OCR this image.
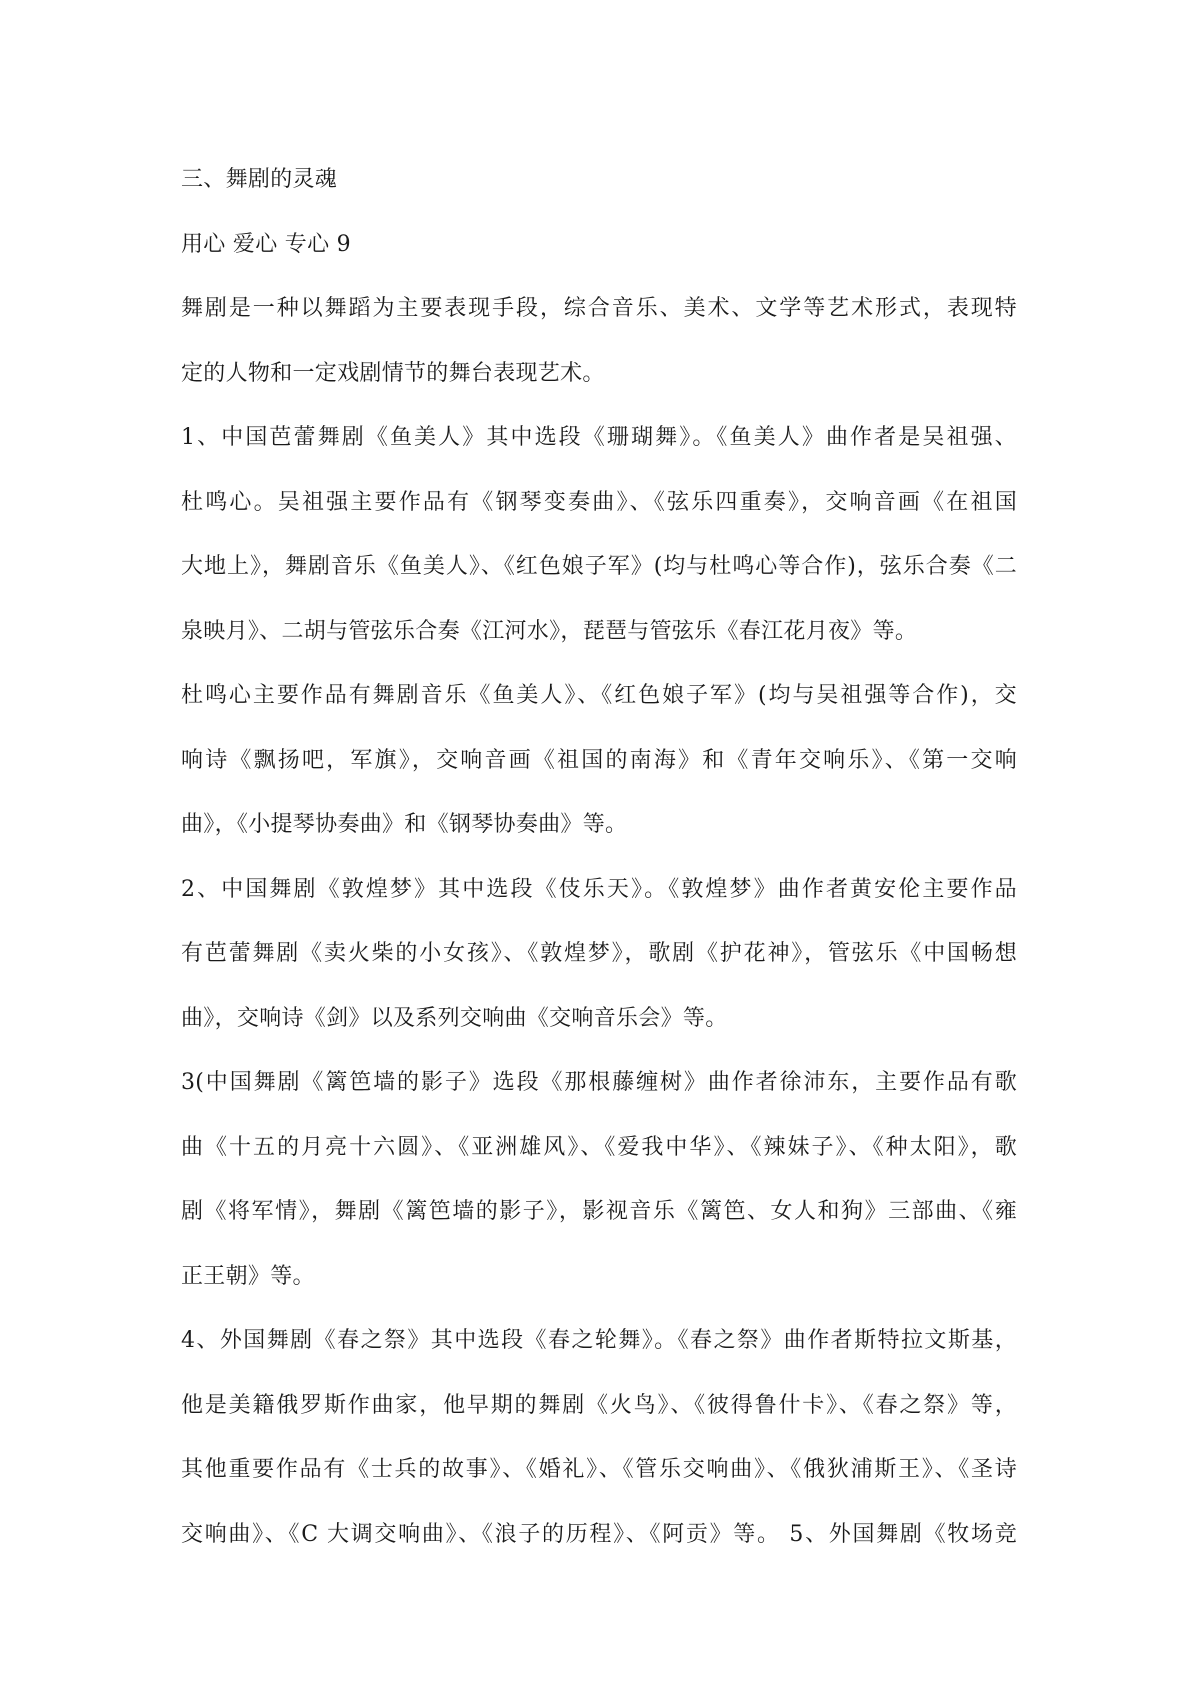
三、舞剧的灵魂
用心 爱心 专心 9
舞剧是一种以舞蹈为主要表现手段，综合音乐、美术、文学等艺术形式，表现特
定的人物和一定戏剧情节的舞台表现艺术。
1、中国芭蕾舞剧《鱼美人》其中选段《珊瑚舞》。《鱼美人》曲作者是吴祖强、
杜鸣心。吴祖强主要作品有《钢琴变奏曲》、《弦乐四重奏》，交响音画《在祖国
大地上》，舞剧音乐《鱼美人》、《红色娘子军》(均与杜鸣心等合作)，弦乐合奏《二
泉映月》、二胡与管弦乐合奏《江河水》，琵琶与管弦乐《春江花月夜》等。
杜鸣心主要作品有舞剧音乐《鱼美人》、《红色娘子军》(均与吴祖强等合作)，交
响诗《飘扬吧，军旗》，交响音画《祖国的南海》和《青年交响乐》、《第一交响
曲》，《小提琴协奏曲》和《钢琴协奏曲》等。
2、中国舞剧《敦煌梦》其中选段《伎乐天》。《敦煌梦》曲作者黄安伦主要作品
有芭蕾舞剧《卖火柴的小女孩》、《敦煌梦》，歌剧《护花神》，管弦乐《中国畅想
曲》，交响诗《剑》以及系列交响曲《交响音乐会》等。
3(中国舞剧《篱笆墙的影子》选段《那根藤缠树》曲作者徐沛东，主要作品有歌
曲《十五的月亮十六圆》、《亚洲雄风》、《爱我中华》、《辣妹子》、《种太阳》，歌
剧《将军情》，舞剧《篱笆墙的影子》，影视音乐《篱笆、女人和狗》三部曲、《雍
正王朝》等。
4、外国舞剧《春之祭》其中选段《春之轮舞》。《春之祭》曲作者斯特拉文斯基，
他是美籍俄罗斯作曲家，他早期的舞剧《火鸟》、《彼得鲁什卡》、《春之祭》等，
其他重要作品有《士兵的故事》、《婚礼》、《管乐交响曲》、《俄狄浦斯王》、《圣诗
交响曲》、《C 大调交响曲》、《浪子的历程》、《阿贡》等。 5、外国舞剧《牧场竞
